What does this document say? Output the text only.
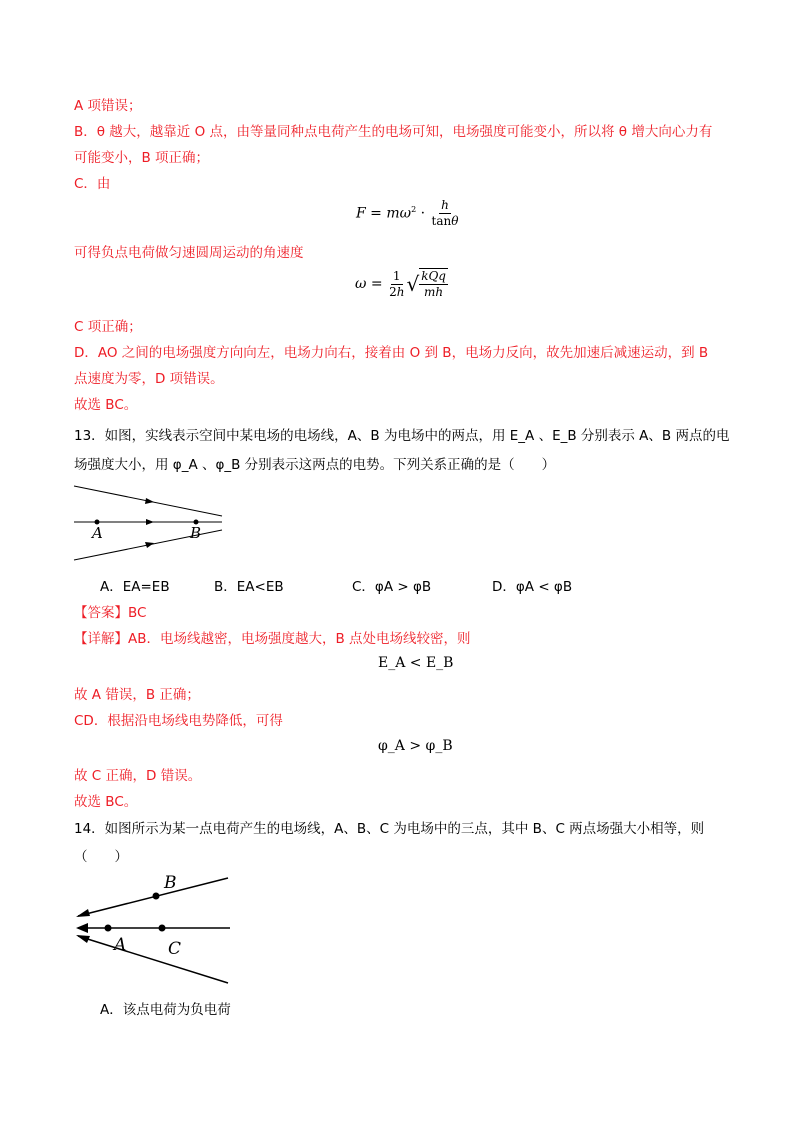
A 项错误；
B．θ 越大，越靠近 O 点，由等量同种点电荷产生的电场可知，电场强度可能变小，所以将 θ 增大向心力有
可能变小，B 项正确；
C．由
$F = m\omega^2 \cdot \frac{h}{\tan\theta}$
可得负点电荷做匀速圆周运动的角速度
$\omega = \frac{1}{2h}$ √ $\frac{\text{kQq}}{mh}$
C 项正确；
D．AO 之间的电场强度方向向左，电场力向右，接着由 O 到 B，电场力反向，故先加速后减速运动，到 B
点速度为零，D 项错误。
故选 BC。
13．如图，实线表示空间中某电场的电场线，A、B 为电场中的两点，用 E_A 、E_B 分别表示 A、B 两点的电
场强度大小，用 φ_A 、φ_B 分别表示这两点的电势。下列关系正确的是（　　）
A	B
A．EA=EB	B．EA<EB	C．φA > φB	D．φA < φB
【答案】BC
【详解】AB．电场线越密，电场强度越大，B 点处电场线较密，则
E_A < E_B
故 A 错误，B 正确；
CD．根据沿电场线电势降低，可得
φ_A > φ_B
故 C 正确，D 错误。
故选 BC。
14．如图所示为某一点电荷产生的电场线，A、B、C 为电场中的三点，其中 B、C 两点场强大小相等，则
（　　）
B
A C
A．该点电荷为负电荷
